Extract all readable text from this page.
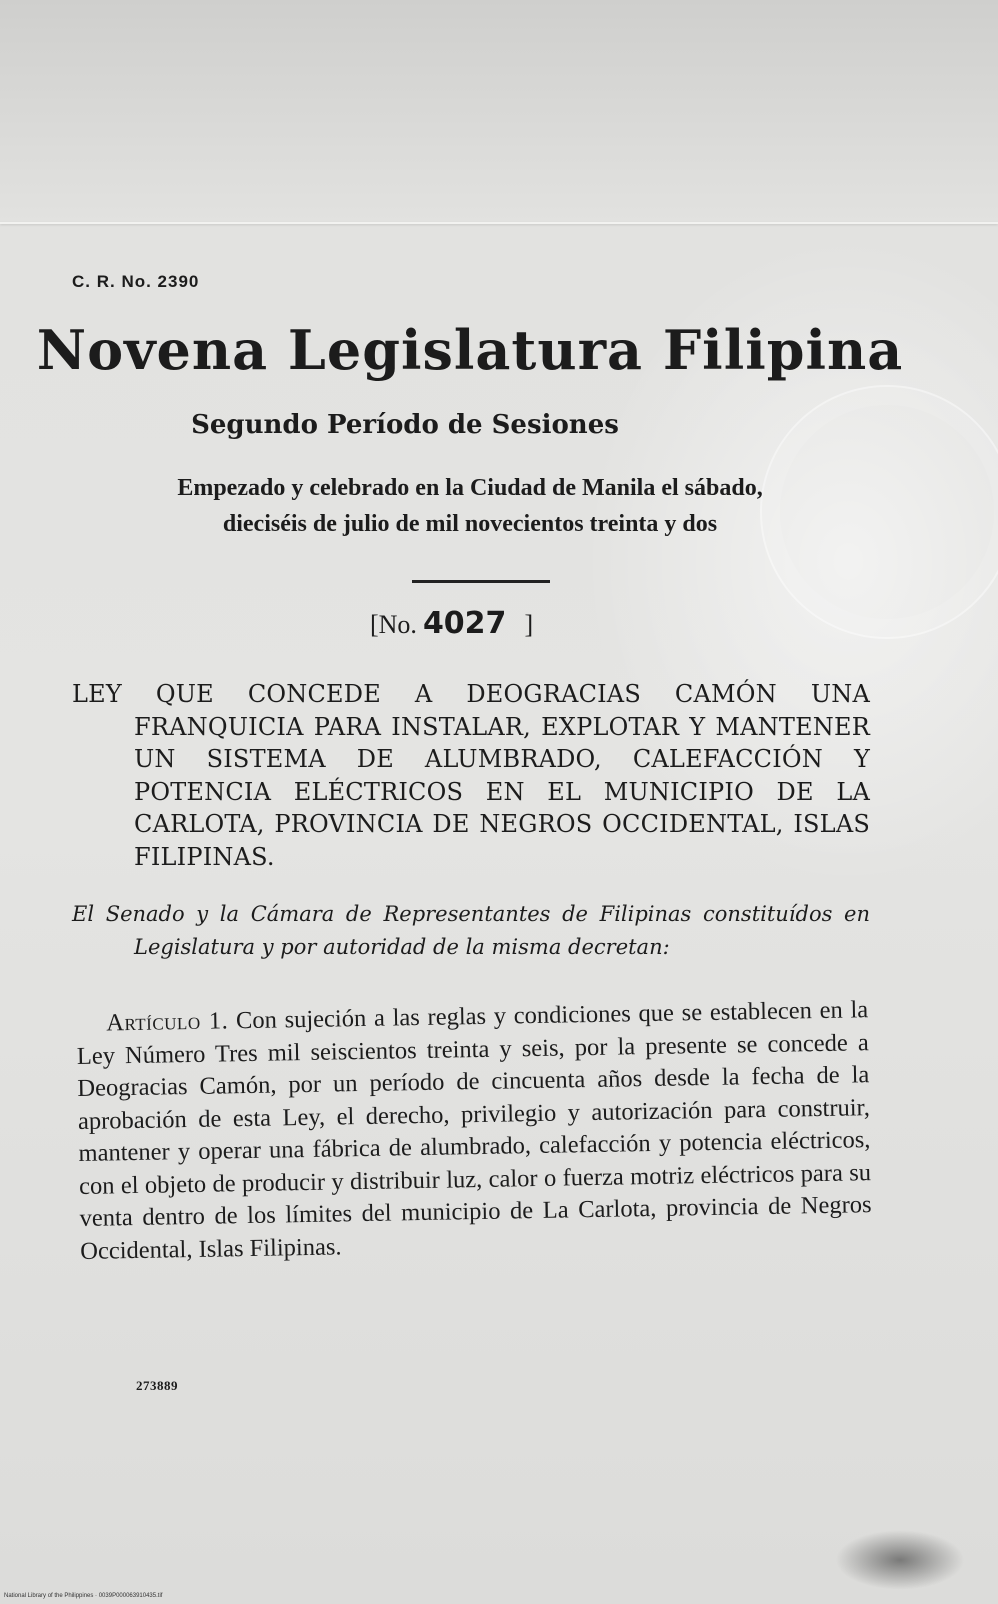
C. R. No. 2390
Novena Legislatura Filipina
Segundo Período de Sesiones
Empezado y celebrado en la Ciudad de Manila el sábado,
dieciséis de julio de mil novecientos treinta y dos
[No. 4027 ]
LEY QUE CONCEDE A DEOGRACIAS CAMÓN UNA FRANQUICIA PARA INSTALAR, EXPLOTAR Y MANTENER UN SISTEMA DE ALUMBRADO, CALEFACCIÓN Y POTENCIA ELÉCTRICOS EN EL MUNICIPIO DE LA CARLOTA, PROVINCIA DE NEGROS OCCIDENTAL, ISLAS FILIPINAS.
El Senado y la Cámara de Representantes de Filipinas constituídos en Legislatura y por autoridad de la misma decretan:
Artículo 1. Con sujeción a las reglas y condiciones que se establecen en la Ley Número Tres mil seiscientos treinta y seis, por la presente se concede a Deogracias Camón, por un período de cincuenta años desde la fecha de la aprobación de esta Ley, el derecho, privilegio y autorización para construir, mantener y operar una fábrica de alumbrado, calefacción y potencia eléctricos, con el objeto de producir y distribuir luz, calor o fuerza motriz eléctricos para su venta dentro de los límites del municipio de La Carlota, provincia de Negros Occidental, Islas Filipinas.
273889
National Library of the Philippines · 0039P000063910435.tif
